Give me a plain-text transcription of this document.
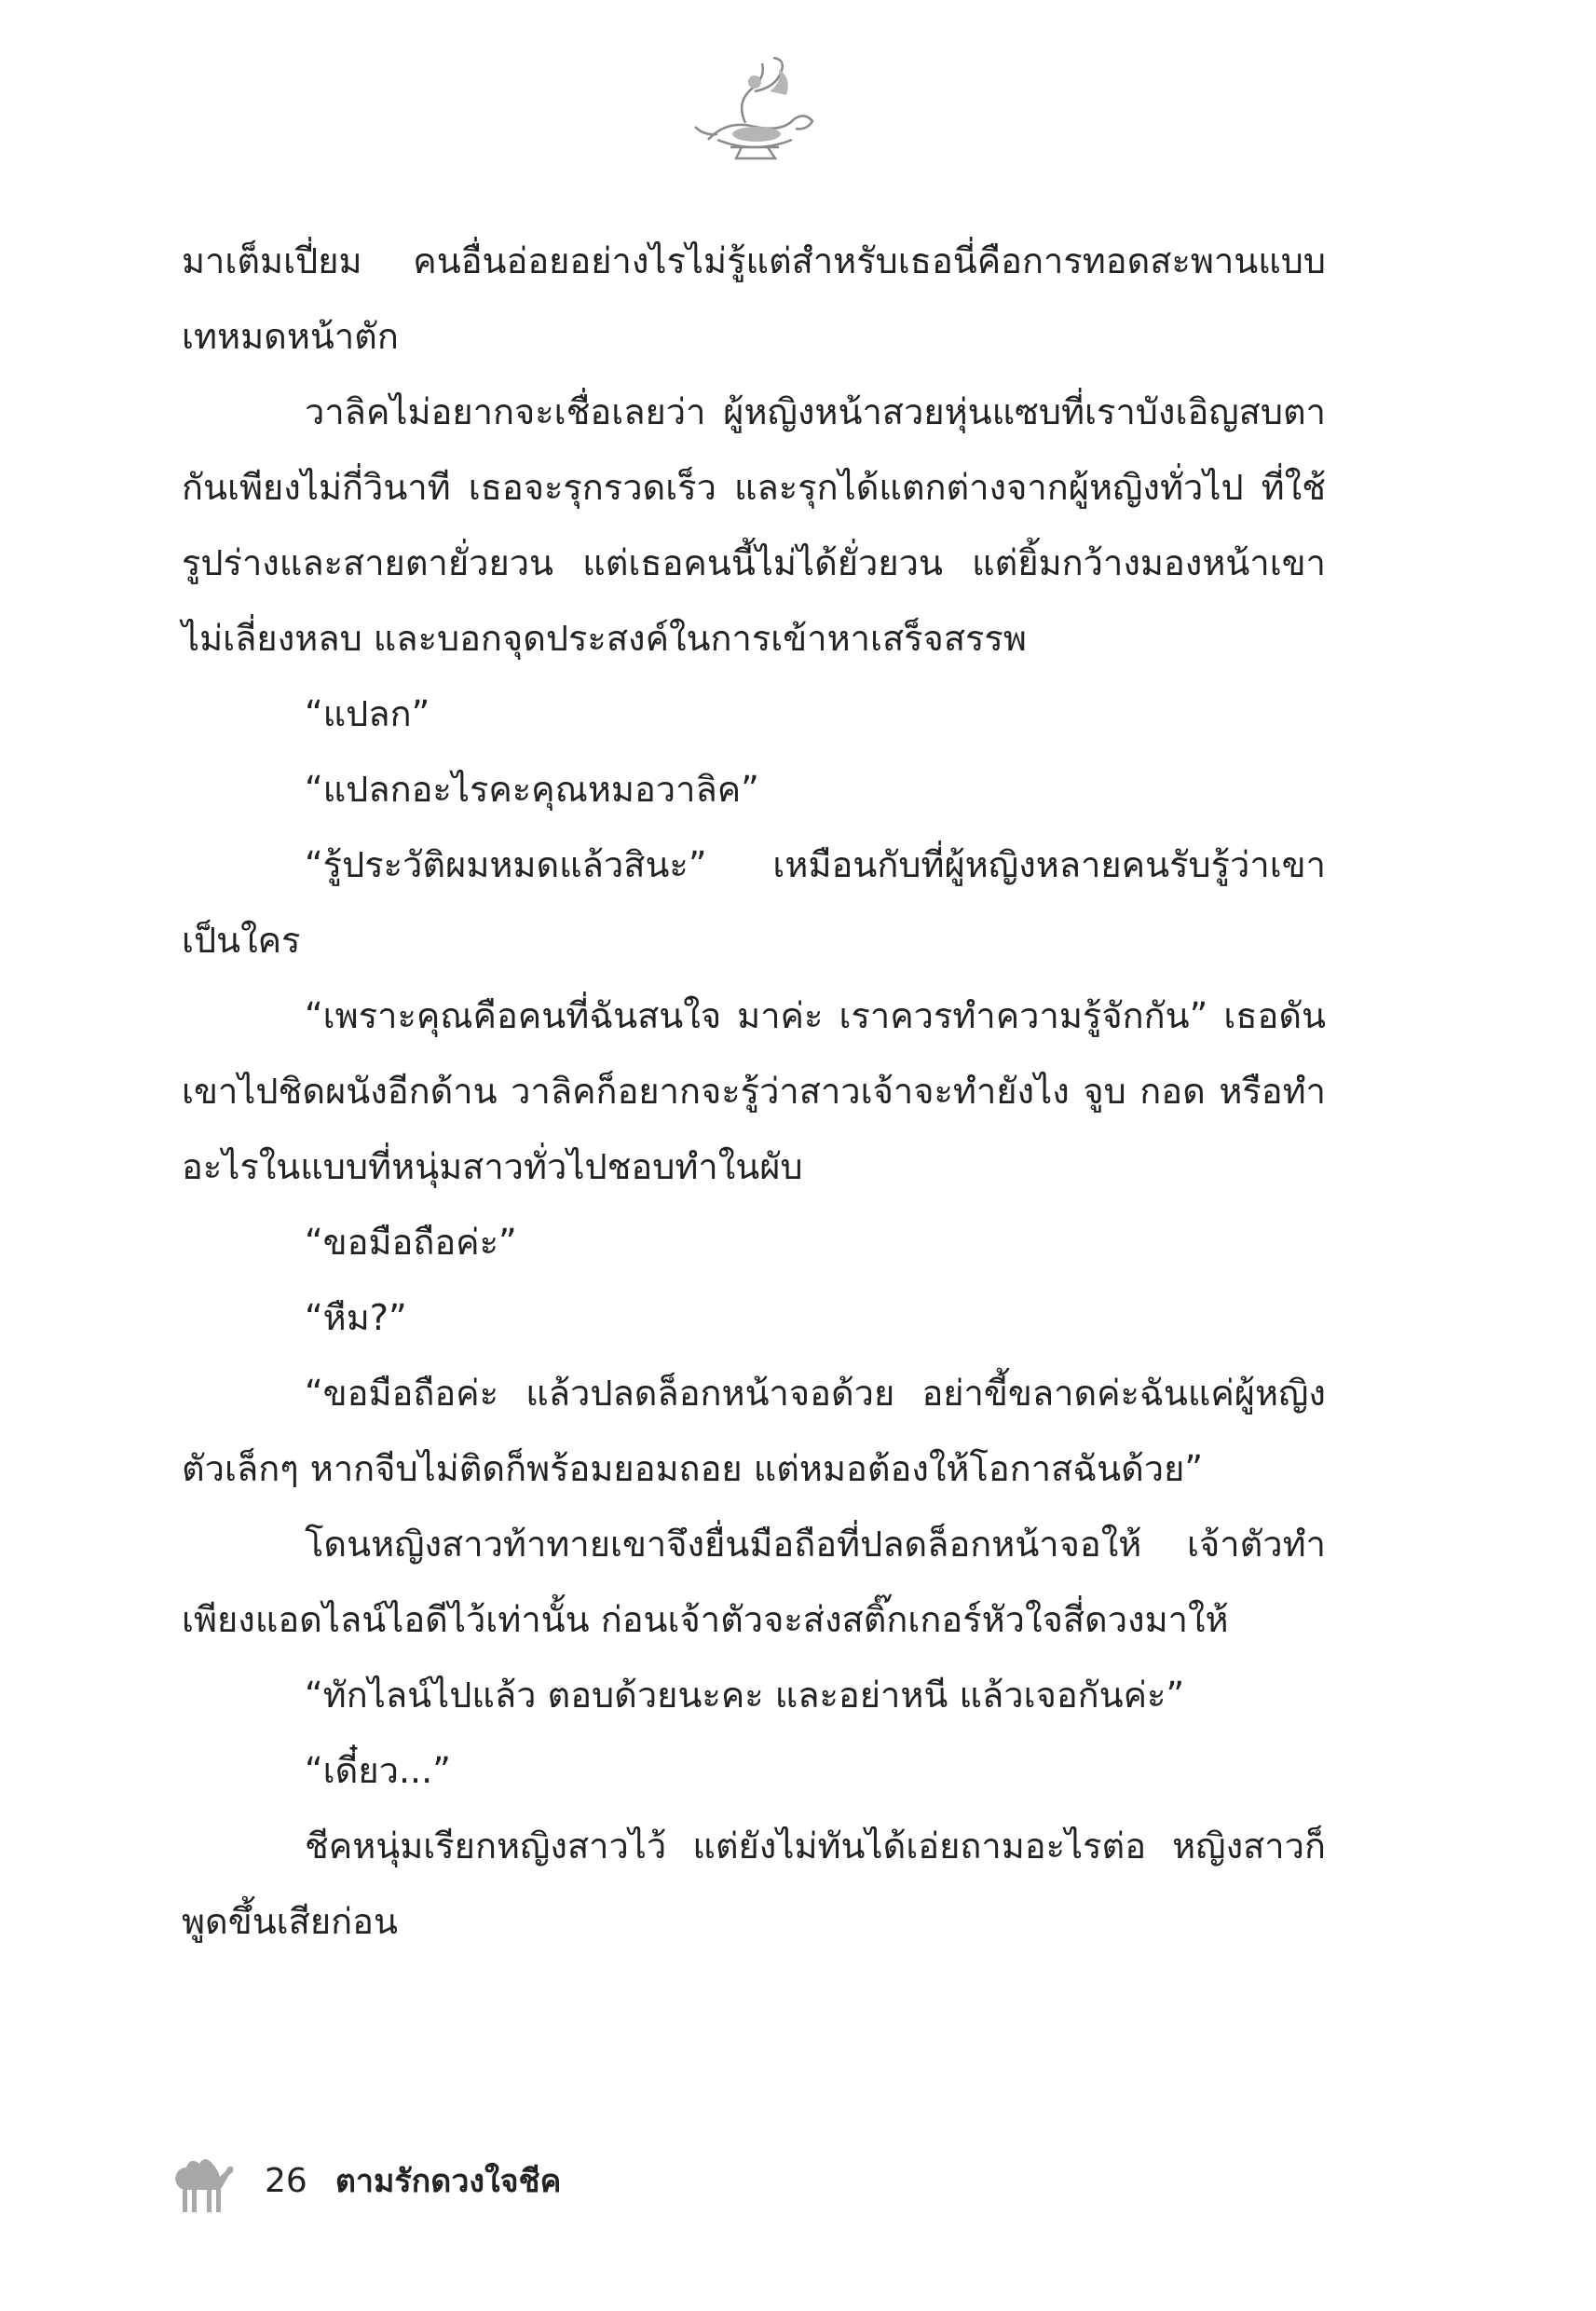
มาเต็มเปี่ยม คนอื่นอ่อยอย่างไรไม่รู้แต่สำหรับเธอนี่คือการทอดสะพานแบบเทหมดหน้าตัก

วาลิคไม่อยากจะเชื่อเลยว่า ผู้หญิงหน้าสวยหุ่นแซบที่เราบังเอิญสบตากันเพียงไม่กี่วินาที เธอจะรุกรวดเร็ว และรุกได้แตกต่างจากผู้หญิงทั่วไป ที่ใช้รูปร่างและสายตายั่วยวน แต่เธอคนนี้ไม่ได้ยั่วยวน แต่ยิ้มกว้างมองหน้าเขาไม่เลี่ยงหลบ และบอกจุดประสงค์ในการเข้าหาเสร็จสรรพ

“แปลก”

“แปลกอะไรคะคุณหมอวาลิค”

“รู้ประวัติผมหมดแล้วสินะ” เหมือนกับที่ผู้หญิงหลายคนรับรู้ว่าเขาเป็นใคร

“เพราะคุณคือคนที่ฉันสนใจ มาค่ะ เราควรทำความรู้จักกัน” เธอดันเขาไปชิดผนังอีกด้าน วาลิคก็อยากจะรู้ว่าสาวเจ้าจะทำยังไง จูบ กอด หรือทำอะไรในแบบที่หนุ่มสาวทั่วไปชอบทำในผับ

“ขอมือถือค่ะ”

“หืม?”

“ขอมือถือค่ะ แล้วปลดล็อกหน้าจอด้วย อย่าขี้ขลาดค่ะฉันแค่ผู้หญิงตัวเล็กๆ หากจีบไม่ติดก็พร้อมยอมถอย แต่หมอต้องให้โอกาสฉันด้วย”

โดนหญิงสาวท้าทายเขาจึงยื่นมือถือที่ปลดล็อกหน้าจอให้ เจ้าตัวทำเพียงแอดไลน์ไอดีไว้เท่านั้น ก่อนเจ้าตัวจะส่งสติ๊กเกอร์หัวใจสี่ดวงมาให้

“ทักไลน์ไปแล้ว ตอบด้วยนะคะ และอย่าหนี แล้วเจอกันค่ะ”

“เดี๋ยว...”

ชีคหนุ่มเรียกหญิงสาวไว้ แต่ยังไม่ทันได้เอ่ยถามอะไรต่อ หญิงสาวก็พูดขึ้นเสียก่อน

26 ตามรักดวงใจชีค
